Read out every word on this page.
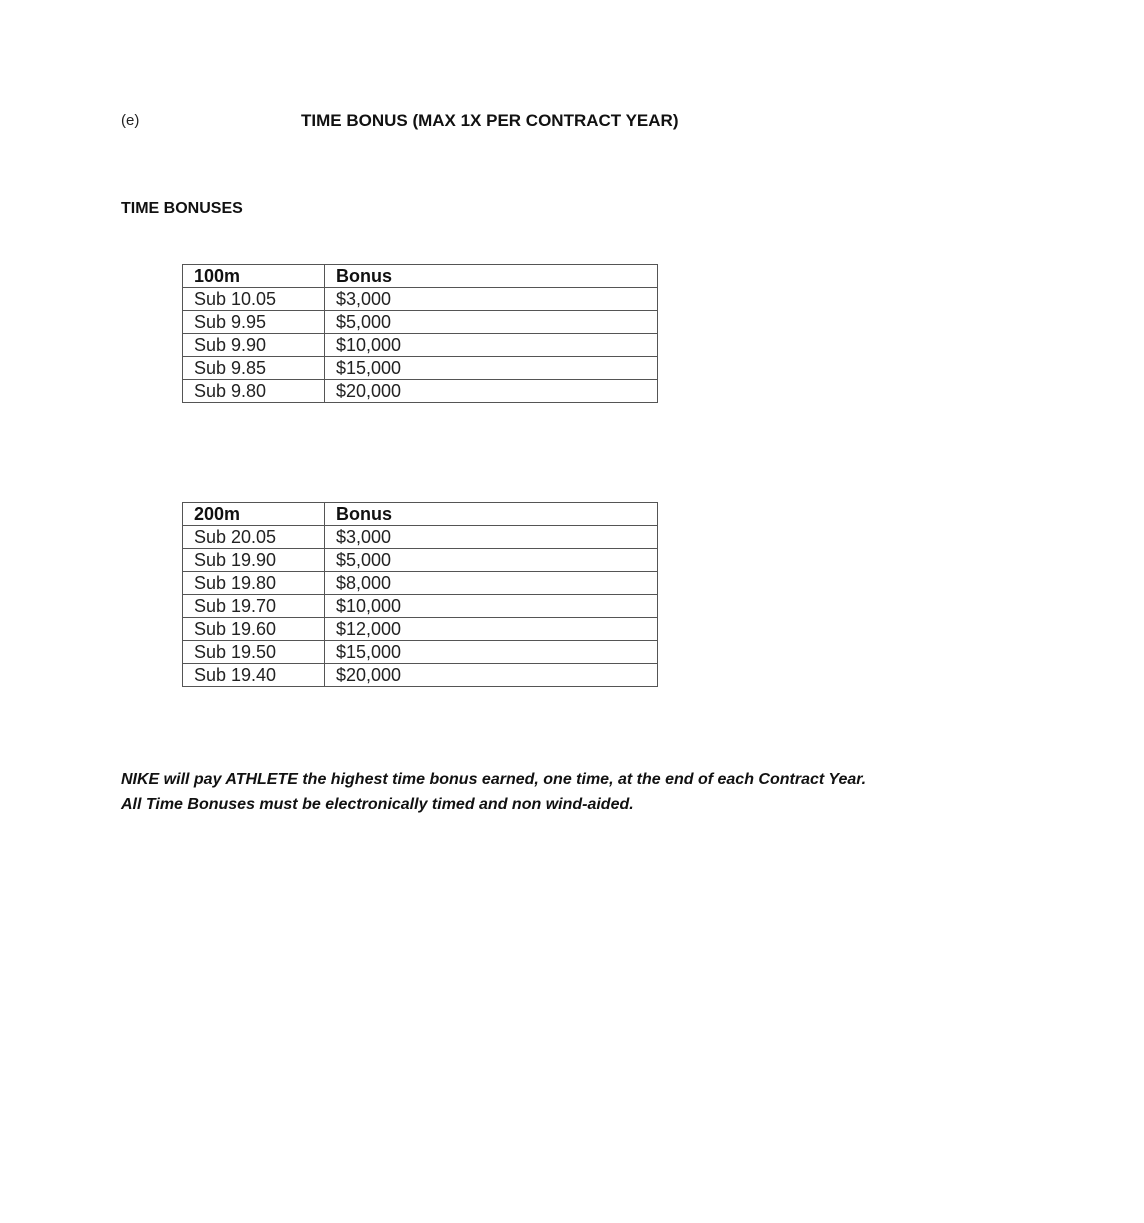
(e)	TIME BONUS (MAX 1X PER CONTRACT YEAR)
TIME BONUSES
100m	Bonus
Sub 10.05	$3,000
Sub 9.95	$5,000
Sub 9.90	$10,000
Sub 9.85	$15,000
Sub 9.80	$20,000
200m	Bonus
Sub 20.05	$3,000
Sub 19.90	$5,000
Sub 19.80	$8,000
Sub 19.70	$10,000
Sub 19.60	$12,000
Sub 19.50	$15,000
Sub 19.40	$20,000
NIKE will pay ATHLETE the highest time bonus earned, one time, at the end of each Contract Year.
All Time Bonuses must be electronically timed and non wind-aided.
